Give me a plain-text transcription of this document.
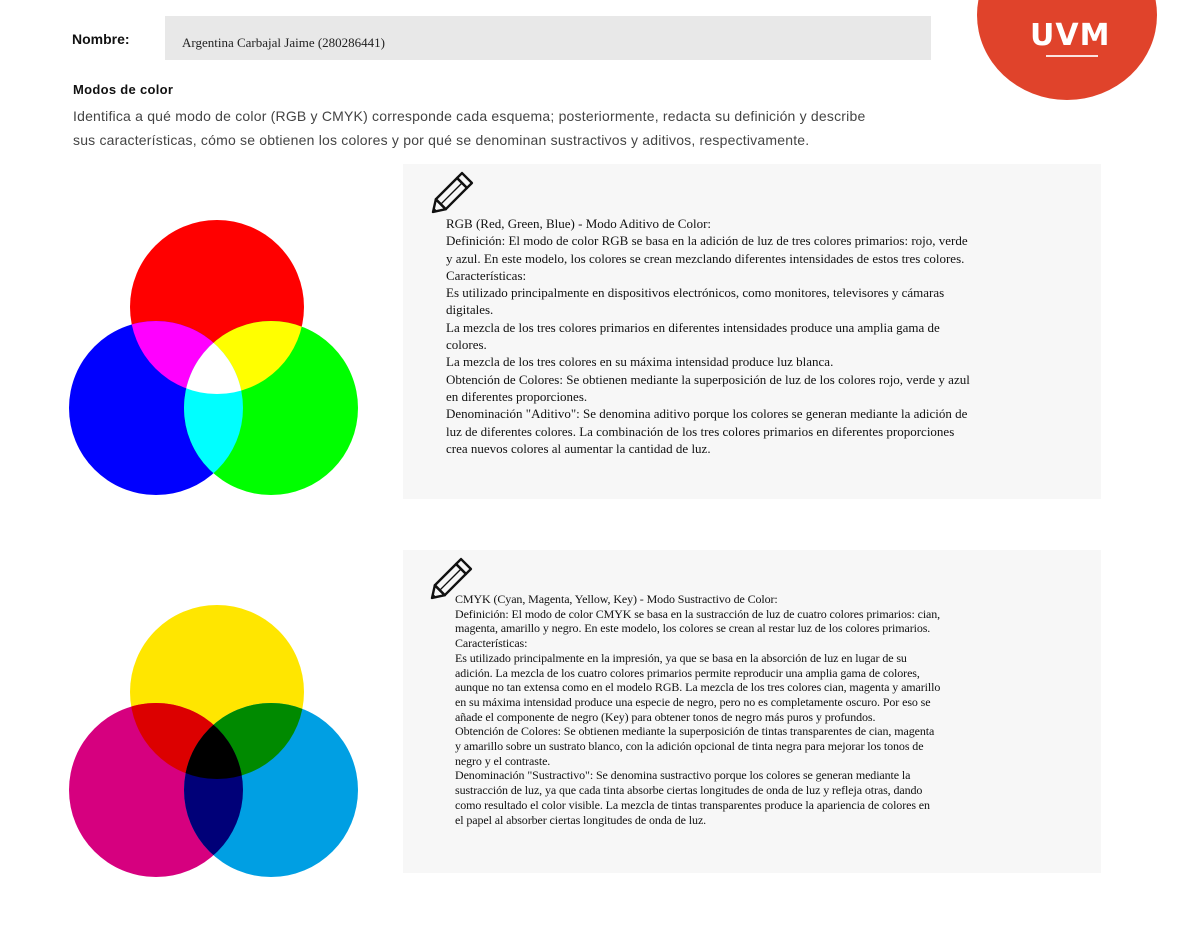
UVM
Nombre:	Argentina Carbajal Jaime (280286441)
Modos de color
Identifica a qué modo de color (RGB y CMYK) corresponde cada esquema; posteriormente, redacta su definición y describe
sus características, cómo se obtienen los colores y por qué se denominan sustractivos y aditivos, respectivamente.
RGB (Red, Green, Blue) - Modo Aditivo de Color:
Definición: El modo de color RGB se basa en la adición de luz de tres colores primarios: rojo, verde
y azul. En este modelo, los colores se crean mezclando diferentes intensidades de estos tres colores.
Características:
Es utilizado principalmente en dispositivos electrónicos, como monitores, televisores y cámaras
digitales.
La mezcla de los tres colores primarios en diferentes intensidades produce una amplia gama de
colores.
La mezcla de los tres colores en su máxima intensidad produce luz blanca.
Obtención de Colores: Se obtienen mediante la superposición de luz de los colores rojo, verde y azul
en diferentes proporciones.
Denominación "Aditivo": Se denomina aditivo porque los colores se generan mediante la adición de
luz de diferentes colores. La combinación de los tres colores primarios en diferentes proporciones
crea nuevos colores al aumentar la cantidad de luz.
CMYK (Cyan, Magenta, Yellow, Key) - Modo Sustractivo de Color:
Definición: El modo de color CMYK se basa en la sustracción de luz de cuatro colores primarios: cian,
magenta, amarillo y negro. En este modelo, los colores se crean al restar luz de los colores primarios.
Características:
Es utilizado principalmente en la impresión, ya que se basa en la absorción de luz en lugar de su
adición. La mezcla de los cuatro colores primarios permite reproducir una amplia gama de colores,
aunque no tan extensa como en el modelo RGB. La mezcla de los tres colores cian, magenta y amarillo
en su máxima intensidad produce una especie de negro, pero no es completamente oscuro. Por eso se
añade el componente de negro (Key) para obtener tonos de negro más puros y profundos.
Obtención de Colores: Se obtienen mediante la superposición de tintas transparentes de cian, magenta
y amarillo sobre un sustrato blanco, con la adición opcional de tinta negra para mejorar los tonos de
negro y el contraste.
Denominación "Sustractivo": Se denomina sustractivo porque los colores se generan mediante la
sustracción de luz, ya que cada tinta absorbe ciertas longitudes de onda de luz y refleja otras, dando
como resultado el color visible. La mezcla de tintas transparentes produce la apariencia de colores en
el papel al absorber ciertas longitudes de onda de luz.
